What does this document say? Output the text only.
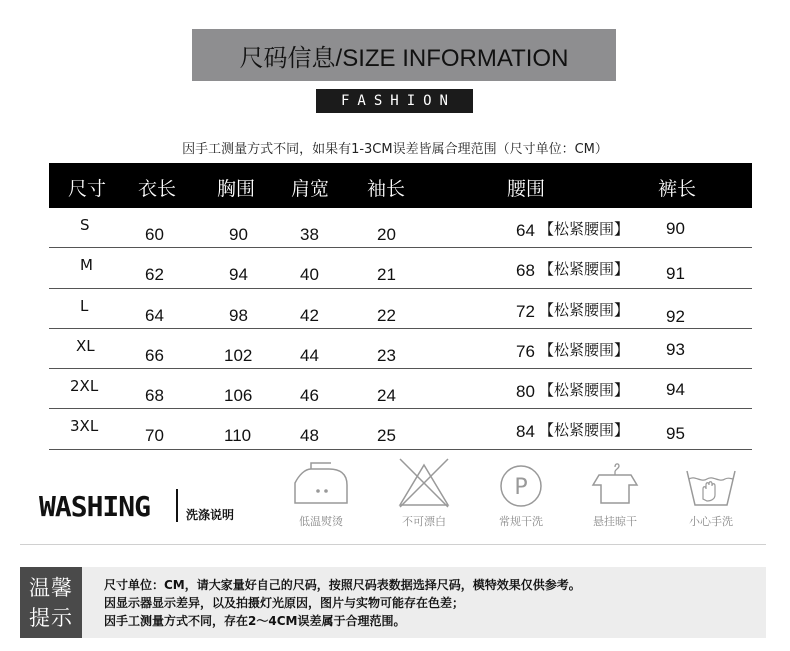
尺码信息/SIZE INFORMATION
FASHION
因手工测量方式不同，如果有1-3CM误差皆属合理范围（尺寸单位：CM）
尺寸 衣长 胸围 肩宽 袖长	腰围	裤长
S	60	90	38	20	64 【松紧腰围】 90
M	62	94	40	21	68 【松紧腰围】 91
L	64	98	42	22	72 【松紧腰围】 92
XL	66	102	44	23	76 【松紧腰围】 93
2XL	68	106	46	24	80 【松紧腰围】 94
3XL	70	110	48	25	84 【松紧腰围】 95
WASHING	洗涤说明	低温熨烫	不可漂白
P
常规干洗	悬挂晾干	小心手洗
温馨
提示
尺寸单位：CM，请大家量好自己的尺码，按照尺码表数据选择尺码，模特效果仅供参考。
因显示器显示差异，以及拍摄灯光原因，图片与实物可能存在色差；
因手工测量方式不同，存在2～4CM误差属于合理范围。
